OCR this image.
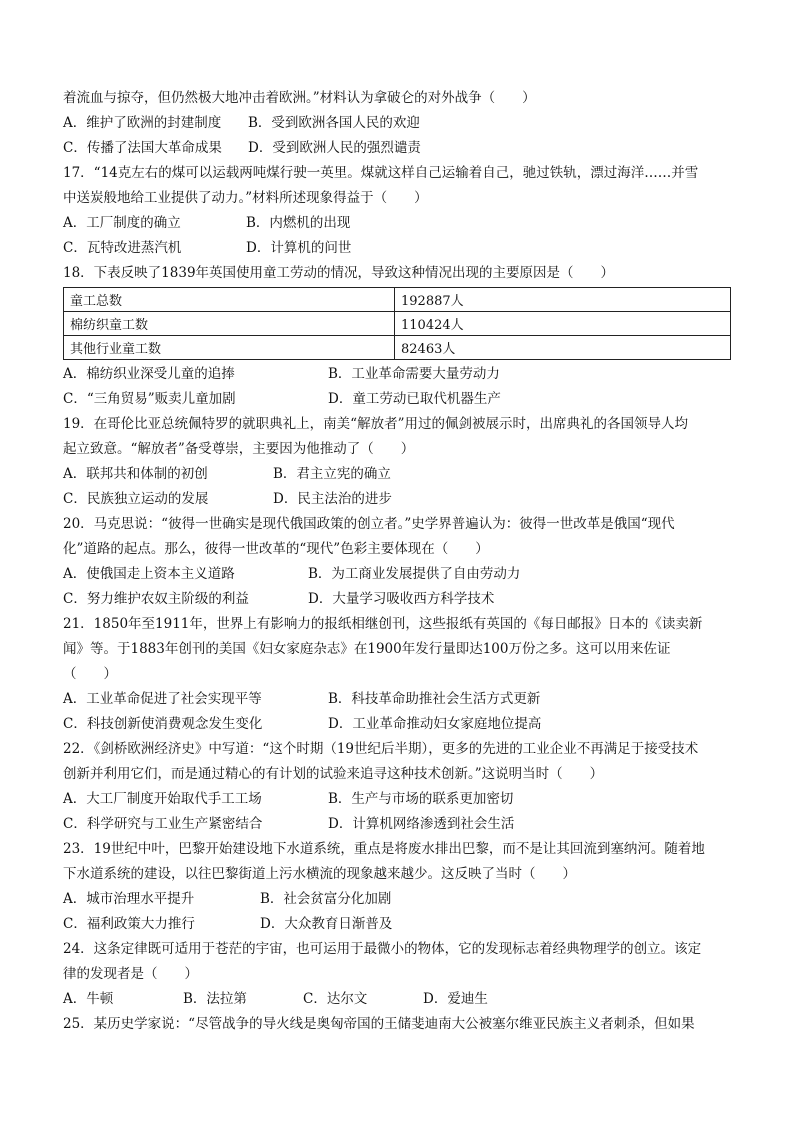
着流血与掠夺，但仍然极大地冲击着欧洲。”材料认为拿破仑的对外战争（　　）
A．维护了欧洲的封建制度	B．受到欧洲各国人民的欢迎
C．传播了法国大革命成果	D．受到欧洲人民的强烈谴责
17．“14克左右的煤可以运载两吨煤行驶一英里。煤就这样自己运输着自己，驰过铁轨，漂过海洋……并雪
中送炭般地给工业提供了动力。”材料所述现象得益于（　　）
A．工厂制度的确立	B．内燃机的出现
C．瓦特改进蒸汽机	D．计算机的问世
18．下表反映了1839年英国使用童工劳动的情况，导致这种情况出现的主要原因是（　　）
童工总数	192887人
棉纺织童工数	110424人
其他行业童工数	82463人
A．棉纺织业深受儿童的追捧	B．工业革命需要大量劳动力
C．“三角贸易”贩卖儿童加剧	D．童工劳动已取代机器生产
19．在哥伦比亚总统佩特罗的就职典礼上，南美“解放者”用过的佩剑被展示时，出席典礼的各国领导人均
起立致意。“解放者”备受尊崇，主要因为他推动了（　　）
A．联邦共和体制的初创	B．君主立宪的确立
C．民族独立运动的发展	D．民主法治的进步
20．马克思说：“彼得一世确实是现代俄国政策的创立者。”史学界普遍认为：彼得一世改革是俄国“现代
化”道路的起点。那么，彼得一世改革的“现代”色彩主要体现在（　　）
A．使俄国走上资本主义道路	B．为工商业发展提供了自由劳动力
C．努力维护农奴主阶级的利益	D．大量学习吸收西方科学技术
21．1850年至1911年，世界上有影响力的报纸相继创刊，这些报纸有英国的《每日邮报》日本的《读卖新
闻》等。于1883年创刊的美国《妇女家庭杂志》在1900年发行量即达100万份之多。这可以用来佐证
（　　）
A．工业革命促进了社会实现平等	B．科技革命助推社会生活方式更新
C．科技创新使消费观念发生变化	D．工业革命推动妇女家庭地位提高
22．《剑桥欧洲经济史》中写道：“这个时期（19世纪后半期），更多的先进的工业企业不再满足于接受技术
创新并利用它们，而是通过精心的有计划的试验来追寻这种技术创新。”这说明当时（　　）
A．大工厂制度开始取代手工工场	B．生产与市场的联系更加密切
C．科学研究与工业生产紧密结合	D．计算机网络渗透到社会生活
23．19世纪中叶，巴黎开始建设地下水道系统，重点是将废水排出巴黎，而不是让其回流到塞纳河。随着地
下水道系统的建设，以往巴黎街道上污水横流的现象越来越少。这反映了当时（　　）
A．城市治理水平提升	B．社会贫富分化加剧
C．福利政策大力推行	D．大众教育日渐普及
24．这条定律既可适用于苍茫的宇宙，也可运用于最微小的物体，它的发现标志着经典物理学的创立。该定
律的发现者是（　　）
A．牛顿	B．法拉第	C．达尔文	D．爱迪生
25．某历史学家说：“尽管战争的导火线是奥匈帝国的王储斐迪南大公被塞尔维亚民族主义者刺杀，但如果
